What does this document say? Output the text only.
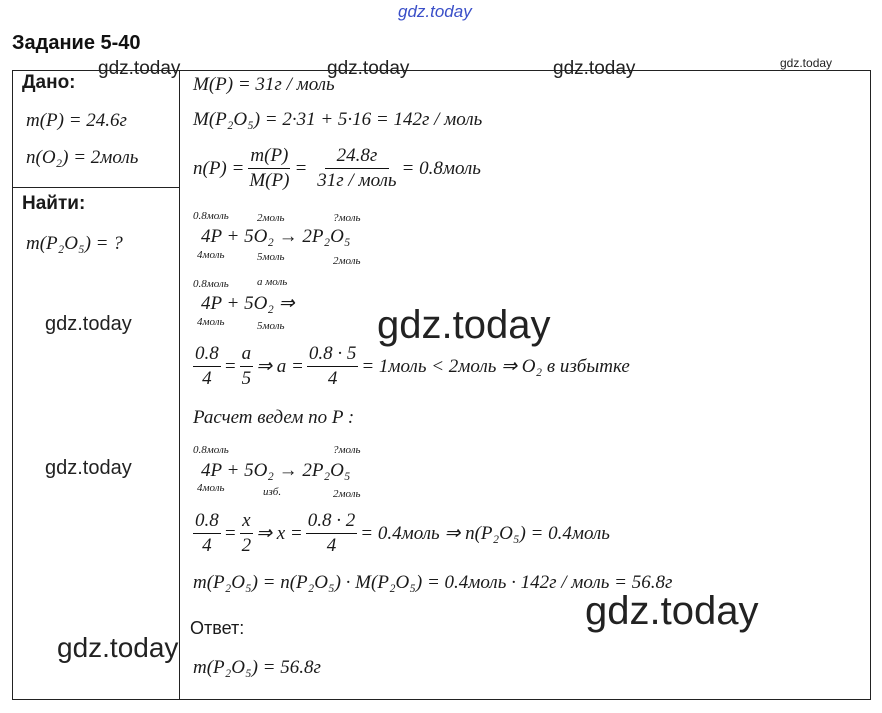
gdz.today
Задание 5-40
Дано:
gdz.today
m(P) = 24.6г
n(O₂) = 2моль
Найти:
m(P₂O₅) = ?
gdz.today
gdz.today
gdz.today	gdz.today	gdz.today
M(P) = 31г / моль
M(P₂O₅) = 2·31 + 5·16 = 142г / моль
$n(P) = \frac{m(P)}{M(P)} = \frac{24.8г}{\text{31г / моль}}$ = 0.8моль
0.8моль	2моль	?моль
4P + 5O₂ → 2P₂O₅
4моль	5моль	2моль
0.8моль	a моль
4P + 5O₂ ⇒
4моль	5моль gdz.today
$\frac{0.8}{4} = \frac{a}{5}$ ⇒ $a = \frac{0.8 \cdot 5}{4}$ = 1моль < 2моль ⇒ O₂ в избытке
Расчет ведем по P :
0.8моль	?моль
4P + 5O₂ → 2P₂O₅
4моль	изб.	2моль
$\frac{0.8}{4} = \frac{x}{2}$ ⇒ $x = \frac{0.8 \cdot 2}{4}$ = 0.4моль ⇒ n(P₂O₅) = 0.4моль
m(P₂O₅) = n(P₂O₅) · M(P₂O₅) = 0.4моль · 142г / моль = 56.8г
gdz.today
Ответ:
gdz.today
m(P₂O₅) = 56.8г
